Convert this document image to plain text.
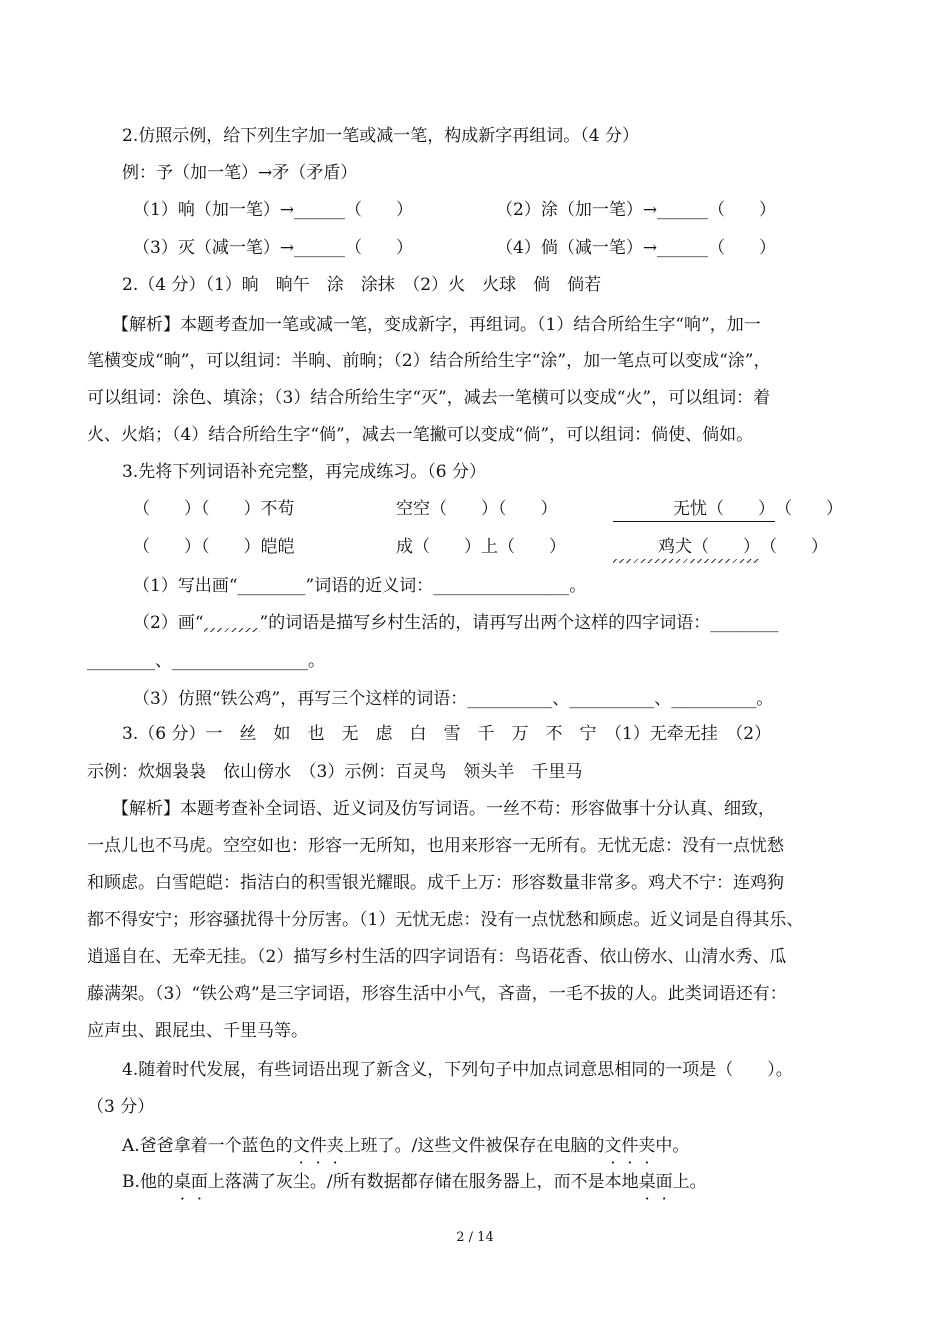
2.仿照示例，给下列生字加一笔或减一笔，构成新字再组词。（4 分）
例：予（加一笔）→矛（矛盾）
（1）响（加一笔）→______（　　）	（2）涂（加一笔）→______（　　）
（3）灭（减一笔）→______（　　）	（4）倘（减一笔）→______（　　）
2.（4 分）（1）晌　晌午　涂　涂抹　（2）火　火球　倘　倘若
【解析】本题考查加一笔或减一笔，变成新字，再组词。（1）结合所给生字“响”，加一
笔横变成“晌”，可以组词：半晌、前晌；（2）结合所给生字“涂”，加一笔点可以变成“涂”，
可以组词：涂色、填涂；（3）结合所给生字“灭”，减去一笔横可以变成“火”，可以组词：着
火、火焰；（4）结合所给生字“倘”，减去一笔撇可以变成“倘”，可以组词：倘使、倘如。
3.先将下列词语补充完整，再完成练习。（6 分）
（　　）（　　）不苟	空空（　　）（　　）	无忧（　　）（　　）
（　　）（　　）皑皑	成（　　）上（　　）	鸡犬（　　）（　　）
（1）写出画“________”词语的近义词：________________。
（2）画“	”的词语是描写乡村生活的，请再写出两个这样的四字词语：________
________、________________。
（3）仿照“铁公鸡”，再写三个这样的词语：__________、__________、__________。
3.（6 分）一　丝　如　也　无　虑　白　雪　千　万　不　宁　（1）无牵无挂　（2）
示例：炊烟袅袅　依山傍水　（3）示例：百灵鸟　领头羊　千里马
【解析】本题考查补全词语、近义词及仿写词语。一丝不苟：形容做事十分认真、细致，
一点儿也不马虎。空空如也：形容一无所知，也用来形容一无所有。无忧无虑：没有一点忧愁
和顾虑。白雪皑皑：指洁白的积雪银光耀眼。成千上万：形容数量非常多。鸡犬不宁：连鸡狗
都不得安宁；形容骚扰得十分厉害。（1）无忧无虑：没有一点忧愁和顾虑。近义词是自得其乐、
逍遥自在、无牵无挂。（2）描写乡村生活的四字词语有：鸟语花香、依山傍水、山清水秀、瓜
藤满架。（3）“铁公鸡”是三字词语，形容生活中小气，吝啬，一毛不拔的人。此类词语还有：
应声虫、跟屁虫、千里马等。
4.随着时代发展，有些词语出现了新含义，下列句子中加点词意思相同的一项是（　　）。
（3 分）
A.爸爸拿着一个蓝色的文件夹上班了。/这些文件被保存在电脑的文件夹中。
B.他的桌面上落满了灰尘。/所有数据都存储在服务器上，而不是本地桌面上。
2 / 14
